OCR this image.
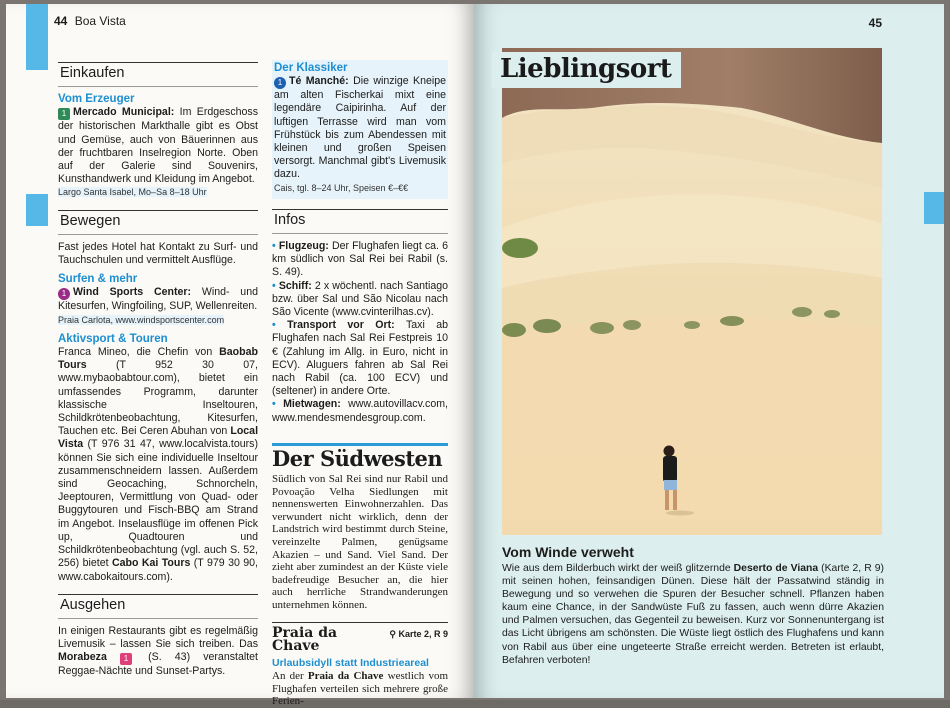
44 Boa Vista
Einkaufen
Vom Erzeuger
1 Mercado Municipal: Im Erdgeschoss der historischen Markthalle gibt es Obst und Gemüse, auch von Bäuerinnen aus der fruchtbaren Inselregion Norte. Oben auf der Galerie sind Souvenirs, Kunsthandwerk und Kleidung im Angebot.
Largo Santa Isabel, Mo–Sa 8–18 Uhr
Bewegen
Fast jedes Hotel hat Kontakt zu Surf- und Tauchschulen und vermittelt Ausflüge.
Surfen & mehr
1 Wind Sports Center: Wind- und Kitesurfen, Wingfoiling, SUP, Wellenreiten.
Praia Carlota, www.windsportscenter.com
Aktivsport & Touren
Franca Mineo, die Chefin von Baobab Tours	(T 952 30 07, www.mybaobabtour.com), bietet ein umfassendes Programm, darunter klassische Inseltouren, Schildkrötenbeobachtung, Kitesurfen, Tauchen etc. Bei Ceren Abuhan von Local Vista (T 976 31 47, www.localvista.tours) können Sie sich eine individuelle Inseltour zusammenschneidern lassen. Außerdem sind Geocaching, Schnorcheln, Jeeptouren, Vermittlung von Quad- oder Buggytouren und Fisch-BBQ am Strand im Angebot. Inselausflüge im offenen Pick up, Quadtouren und Schildkrötenbeobachtung (vgl. auch S. 52, 256) bietet Cabo Kai Tours (T 979 30 90, www.cabokaitours.com).
Ausgehen
In einigen Restaurants gibt es regelmäßig Livemusik – lassen Sie sich treiben. Das Morabeza 1 (S. 43) veranstaltet Reggae-Nächte und Sunset-Partys.
Der Klassiker
1 Té Manché: Die winzige Kneipe am alten Fischerkai mixt eine legendäre Caipirinha. Auf der luftigen Terrasse wird man vom Frühstück bis zum Abendessen mit kleinen und großen Speisen versorgt. Manchmal gibt's Livemusik dazu.
Cais, tgl. 8–24 Uhr, Speisen €–€€
Infos
• Flugzeug: Der Flughafen liegt ca. 6 km südlich von Sal Rei bei Rabil (s. S. 49).
• Schiff: 2 x wöchentl. nach Santiago bzw. über Sal und São Nicolau nach São Vicente (www.cvinterilhas.cv).
• Transport vor Ort: Taxi ab Flughafen nach Sal Rei Festpreis 10 € (Zahlung im Allg. in Euro, nicht in ECV). Aluguers fahren ab Sal Rei nach Rabil (ca. 100 ECV) und (seltener) in andere Orte.
• Mietwagen: www.autovillacv.com, www.mendesmendesgroup.com.
Der Südwesten
Südlich von Sal Rei sind nur Rabil und Povoação Velha Siedlungen mit nennenswerten Einwohnerzahlen. Das verwundert nicht wirklich, denn der Landstrich wird bestimmt durch Steine, vereinzelte Palmen, genügsame Akazien – und Sand. Viel Sand. Der zieht aber zumindest an der Küste viele badefreudige Besucher an, die hier auch herrliche Strandwanderungen unternehmen können.
Praia da Chave
⚲ Karte 2, R 9
Urlaubsidyll statt Industrieareal
An der Praia da Chave westlich vom Flughafen verteilen sich mehrere große Ferien-
45
Lieblingsort
Vom Winde verweht
Wie aus dem Bilderbuch wirkt der weiß glitzernde Deserto de Viana (Karte 2, R 9) mit seinen hohen, feinsandigen Dünen. Diese hält der Passatwind ständig in Bewegung und so verwehen die Spuren der Besucher schnell. Pflanzen haben kaum eine Chance, in der Sandwüste Fuß zu fassen, auch wenn dürre Akazien und Palmen versuchen, das Gegenteil zu beweisen. Kurz vor Sonnenuntergang ist das Licht übrigens am schönsten. Die Wüste liegt östlich des Flughafens und kann von Rabil aus über eine ungeteerte Straße erreicht werden. Betreten ist erlaubt, Befahren verboten!
